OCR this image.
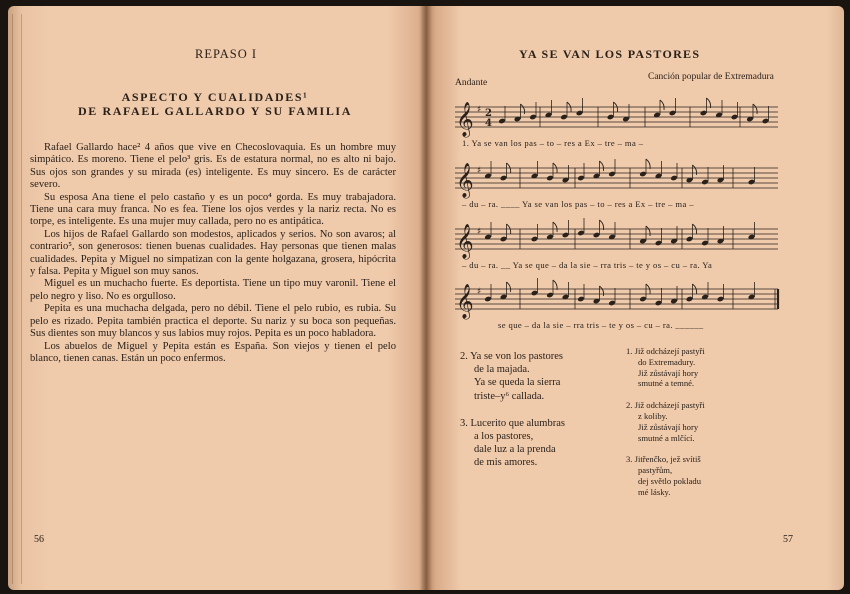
REPASO I
ASPECTO Y CUALIDADES¹
DE RAFAEL GALLARDO Y SU FAMILIA

Rafael Gallardo hace² 4 años que vive en Checoslovaquia. Es un hombre muy simpático. Es moreno. Tiene el pelo³ gris. Es de estatura normal, no es alto ni bajo. Sus ojos son grandes y su mirada (es) inteligente. Es muy sincero. Es de carácter severo.

Su esposa Ana tiene el pelo castaño y es un poco⁴ gorda. Es muy trabajadora. Tiene una cara muy franca. No es fea. Tiene los ojos verdes y la nariz recta. No es torpe, es inteligente. Es una mujer muy callada, pero no es antipática.

Los hijos de Rafael Gallardo son modestos, aplicados y serios. No son avaros; al contrario⁵, son generosos: tienen buenas cualidades. Hay personas que tienen malas cualidades. Pepita y Miguel no simpatizan con la gente holgazana, grosera, hipócrita y falsa. Pepita y Miguel son muy sanos.

Miguel es un muchacho fuerte. Es deportista. Tiene un tipo muy varonil. Tiene el pelo negro y liso. No es orgulloso.

Pepita es una muchacha delgada, pero no débil. Tiene el pelo rubio, es rubia. Su pelo es rizado. Pepita también practica el deporte. Su nariz y su boca son pequeñas. Sus dientes son muy blancos y sus labios muy rojos. Pepita es un poco habladora.

Los abuelos de Miguel y Pepita están es España. Son viejos y tienen el pelo blanco, tienen canas. Están un poco enfermos.

56
YA SE VAN LOS PASTORES
Andante
Canción popular de Extremadura
𝄞 ♯ 2
4
𝄞 ♯
𝄞 ♯
𝄞 ♯
1. Ya se van los pas – to – res a Ex – tre – ma –
– du – ra. ____ Ya se van los pas – to – res a Ex – tre – ma –
– du – ra. __ Ya se que – da la sie – rra tris – te y os – cu – ra. Ya
se que – da la sie – rra tris – te y os – cu – ra. ______
2. Ya se von los pastores
de la majada.
Ya se queda la sierra
triste–y⁶ callada.
3. Lucerito que alumbras
a los pastores,
dale luz a la prenda
de mis amores.
1. Již odcházejí pastyři
do Extremadury.
Již zůstávají hory
smutné a temné.
2. Již odcházejí pastyři
z koliby.
Již zůstávají hory
smutné a mlčící.
3. Jitřenčko, jež svítiš
pastyřům,
dej světlo pokladu
mé lásky.
57
